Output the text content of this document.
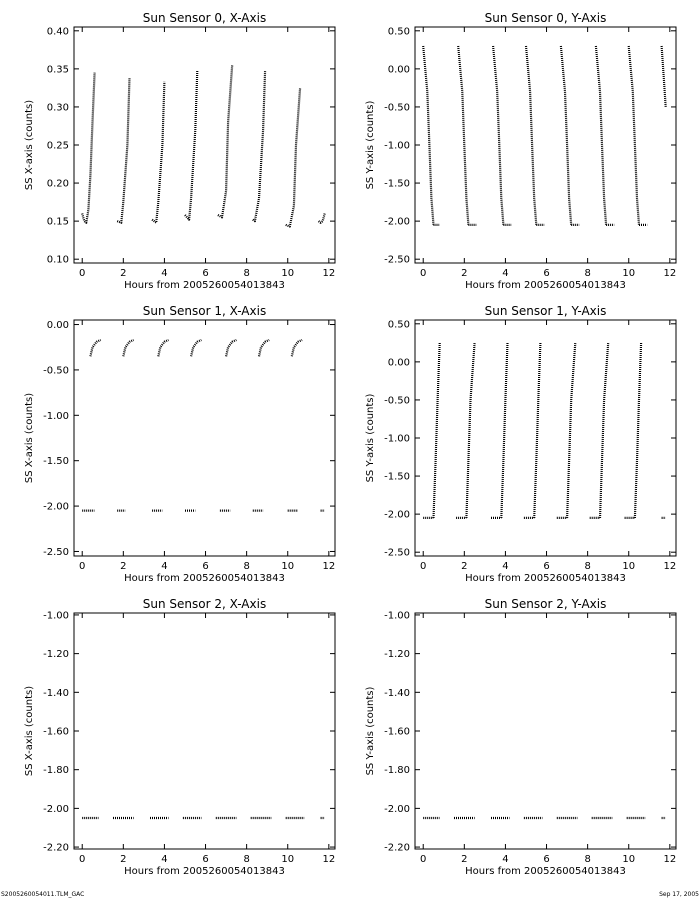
Sun Sensor 0, X-Axis
0	2	4	6	8	10	12
0.10
0.15
0.20
0.25
0.30
0.35
0.40
Hours from 2005260054013843
SS X-axis (counts)
Sun Sensor 0, Y-Axis
0	2	4	6	8	10	12
-2.50
-2.00
-1.50
-1.00
-0.50
0.00
0.50
Hours from 2005260054013843
SS Y-axis (counts)
Sun Sensor 1, X-Axis
0	2	4	6	8	10	12
-2.50
-2.00
-1.50
-1.00
-0.50
0.00
Hours from 2005260054013843
SS X-axis (counts)
Sun Sensor 1, Y-Axis
0	2	4	6	8	10	12
-2.50
-2.00
-1.50
-1.00
-0.50
0.00
0.50
Hours from 2005260054013843
SS Y-axis (counts)
Sun Sensor 2, X-Axis
0	2	4	6	8	10	12
-2.20
-2.00
-1.80
-1.60
-1.40
-1.20
-1.00
Hours from 2005260054013843
SS X-axis (counts)
Sun Sensor 2, Y-Axis
0	2	4	6	8	10	12
-2.20
-2.00
-1.80
-1.60
-1.40
-1.20
-1.00
Hours from 2005260054013843
SS Y-axis (counts)
S2005260054011.TLM_GAC	Sep 17, 2005
